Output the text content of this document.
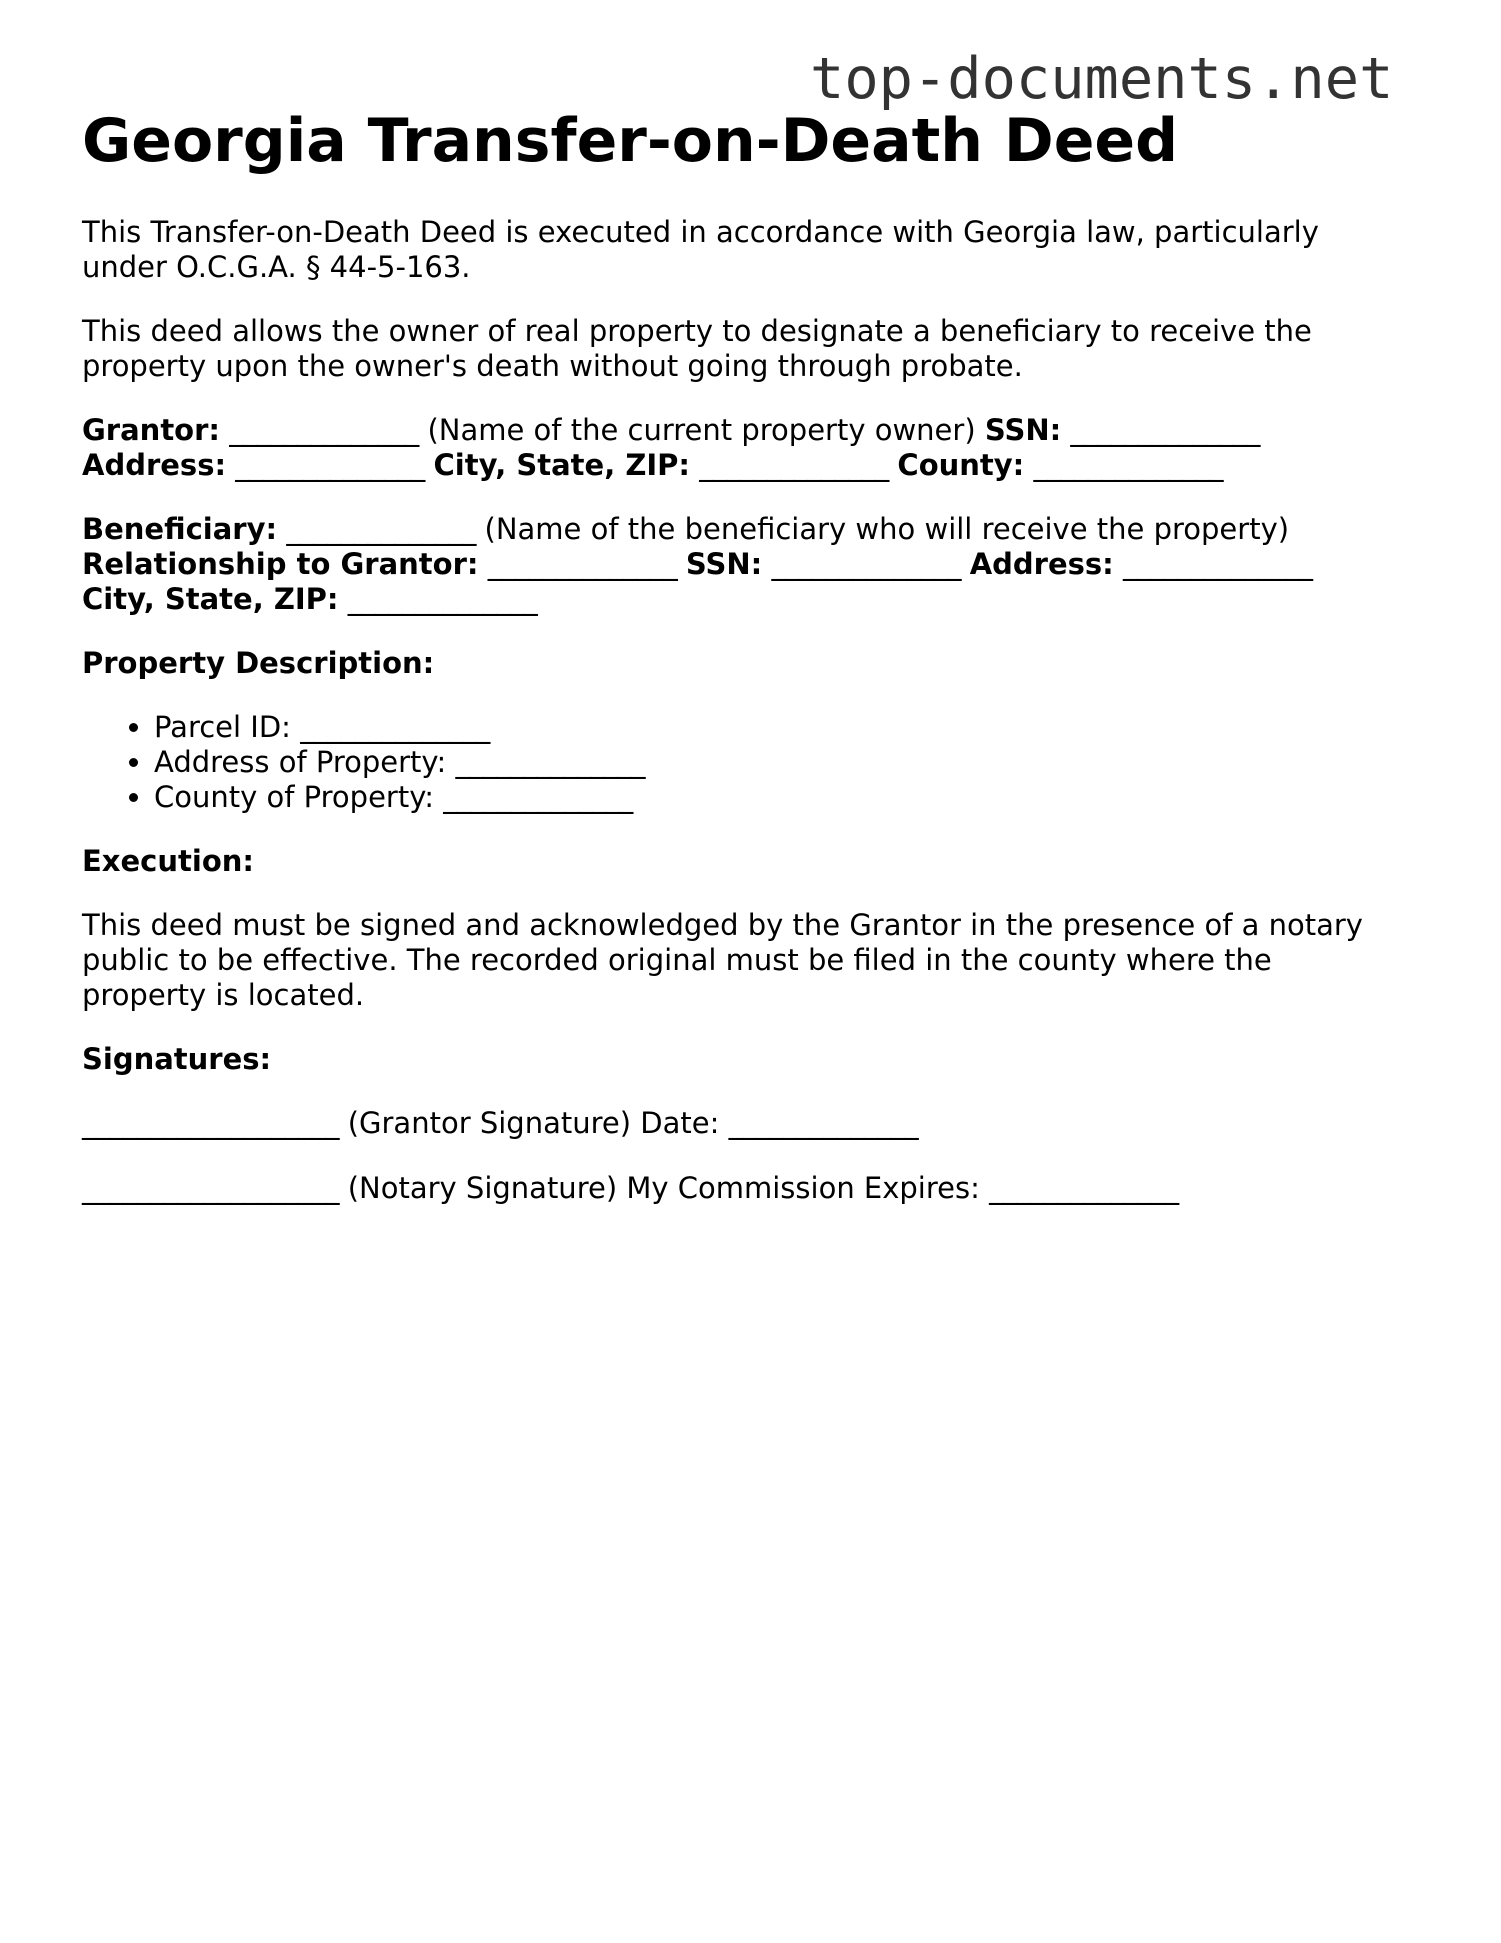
top-documents.net
Georgia Transfer-on-Death Deed

This Transfer-on-Death Deed is executed in accordance with Georgia law, particularly
under O.C.G.A. § 44-5-163.

This deed allows the owner of real property to designate a beneficiary to receive the
property upon the owner's death without going through probate.

Grantor: ______________ (Name of the current property owner) SSN: ______________
Address: ______________ City, State, ZIP: ______________ County: ______________

Beneficiary: ______________ (Name of the beneficiary who will receive the property)
Relationship to Grantor: ______________ SSN: ______________ Address: ______________
City, State, ZIP: ______________

Property Description:

• Parcel ID: ______________
• Address of Property: ______________
• County of Property: ______________

Execution:

This deed must be signed and acknowledged by the Grantor in the presence of a notary
public to be effective. The recorded original must be filed in the county where the
property is located.

Signatures:

___________________ (Grantor Signature) Date: ______________

___________________ (Notary Signature) My Commission Expires: ______________
